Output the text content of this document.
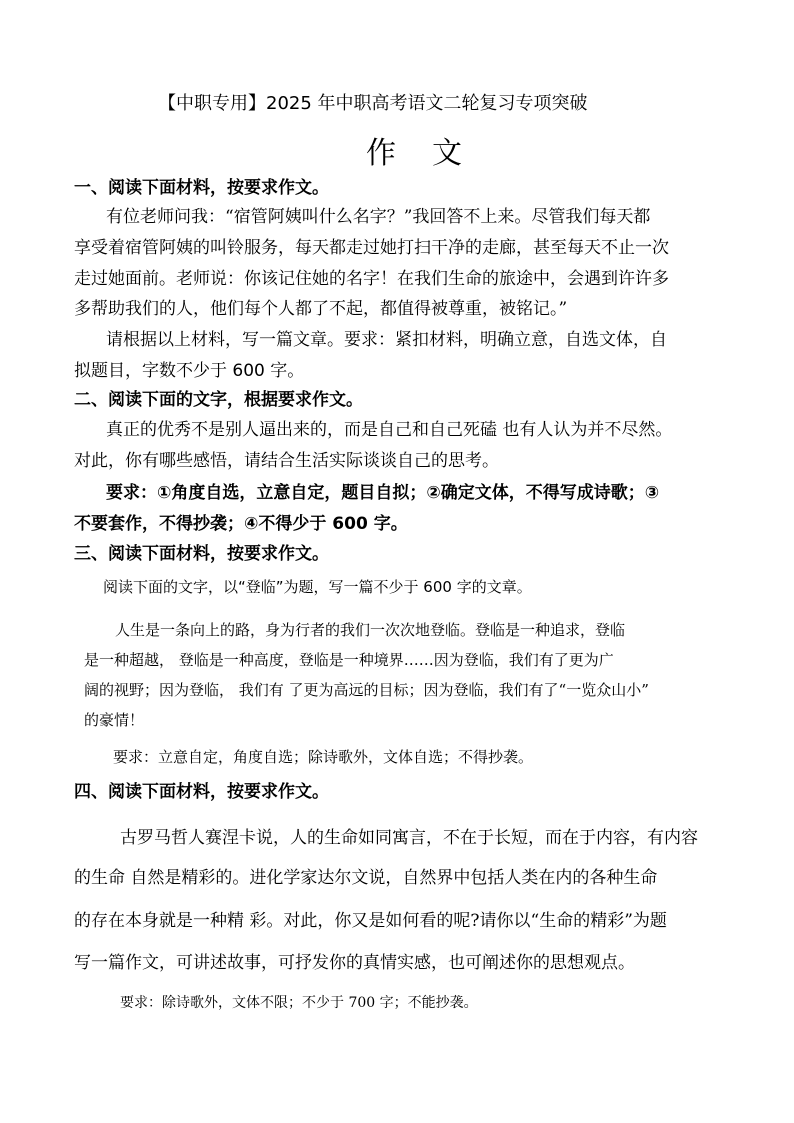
【中职专用】2025 年中职高考语文二轮复习专项突破

作文

一、阅读下面材料，按要求作文。

有位老师问我：“宿管阿姨叫什么名字？”我回答不上来。尽管我们每天都

享受着宿管阿姨的叫铃服务，每天都走过她打扫干净的走廊，甚至每天不止一次

走过她面前。老师说：你该记住她的名字！在我们生命的旅途中，会遇到许许多

多帮助我们的人，他们每个人都了不起，都值得被尊重，被铭记。”

请根据以上材料，写一篇文章。要求：紧扣材料，明确立意，自选文体，自

拟题目，字数不少于 600 字。

二、阅读下面的文字，根据要求作文。

真正的优秀不是别人逼出来的，而是自己和自己死磕 也有人认为并不尽然。

对此，你有哪些感悟，请结合生活实际谈谈自己的思考。

要求：①角度自选，立意自定，题目自拟；②确定文体，不得写成诗歌；③

不要套作，不得抄袭；④不得少于 600 字。

三、阅读下面材料，按要求作文。

阅读下面的文字，以“登临”为题，写一篇不少于 600 字的文章。

人生是一条向上的路，身为行者的我们一次次地登临。登临是一种追求，登临

是一种超越， 登临是一种高度，登临是一种境界……因为登临，我们有了更为广

阔的视野；因为登临， 我们有 了更为高远的目标；因为登临，我们有了“一览众山小”

的豪情！

要求：立意自定，角度自选；除诗歌外，文体自选；不得抄袭。

四、阅读下面材料，按要求作文。

古罗马哲人赛涅卡说，人的生命如同寓言，不在于长短，而在于内容，有内容

的生命 自然是精彩的。进化学家达尔文说，自然界中包括人类在内的各种生命

的存在本身就是一种精 彩。对此，你又是如何看的呢?请你以“生命的精彩”为题

写一篇作文，可讲述故事，可抒发你的真情实感，也可阐述你的思想观点。

要求：除诗歌外，文体不限；不少于 700 字；不能抄袭。
